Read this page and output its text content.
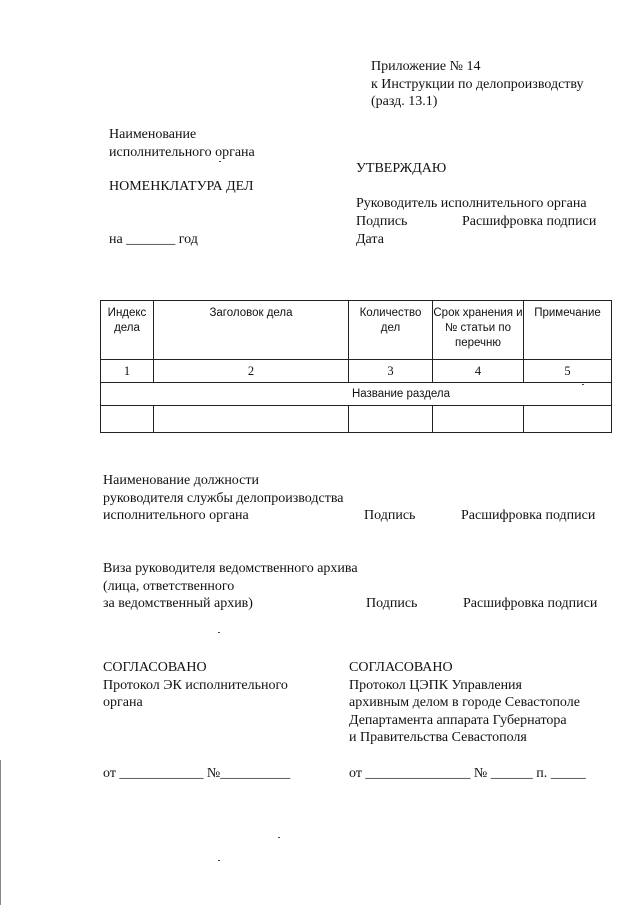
Приложение № 14
к Инструкции по делопроизводству
(разд. 13.1)
Наименование
исполнительного органа
УТВЕРЖДАЮ
НОМЕНКЛАТУРА ДЕЛ
Руководитель исполнительного органа
Подпись	Расшифровка подписи
Дата
на _______ год
Индекс дела	Заголовок дела	Количество дел	Срок хранения и № статьи по перечню	Примечание
1	2	3	4	5
Название раздела				

Наименование должности
руководителя службы делопроизводства
исполнительного органа	Подпись	Расшифровка подписи
Виза руководителя ведомственного архива
(лица, ответственного
за ведомственный архив)	Подпись	Расшифровка подписи
СОГЛАСОВАНО
Протокол ЭК исполнительного
органа
от ____________ №__________
СОГЛАСОВАНО
Протокол ЦЭПК Управления
архивным делом в городе Севастополе
Департамента аппарата Губернатора
и Правительства Севастополя
от _______________ № ______ п. _____
